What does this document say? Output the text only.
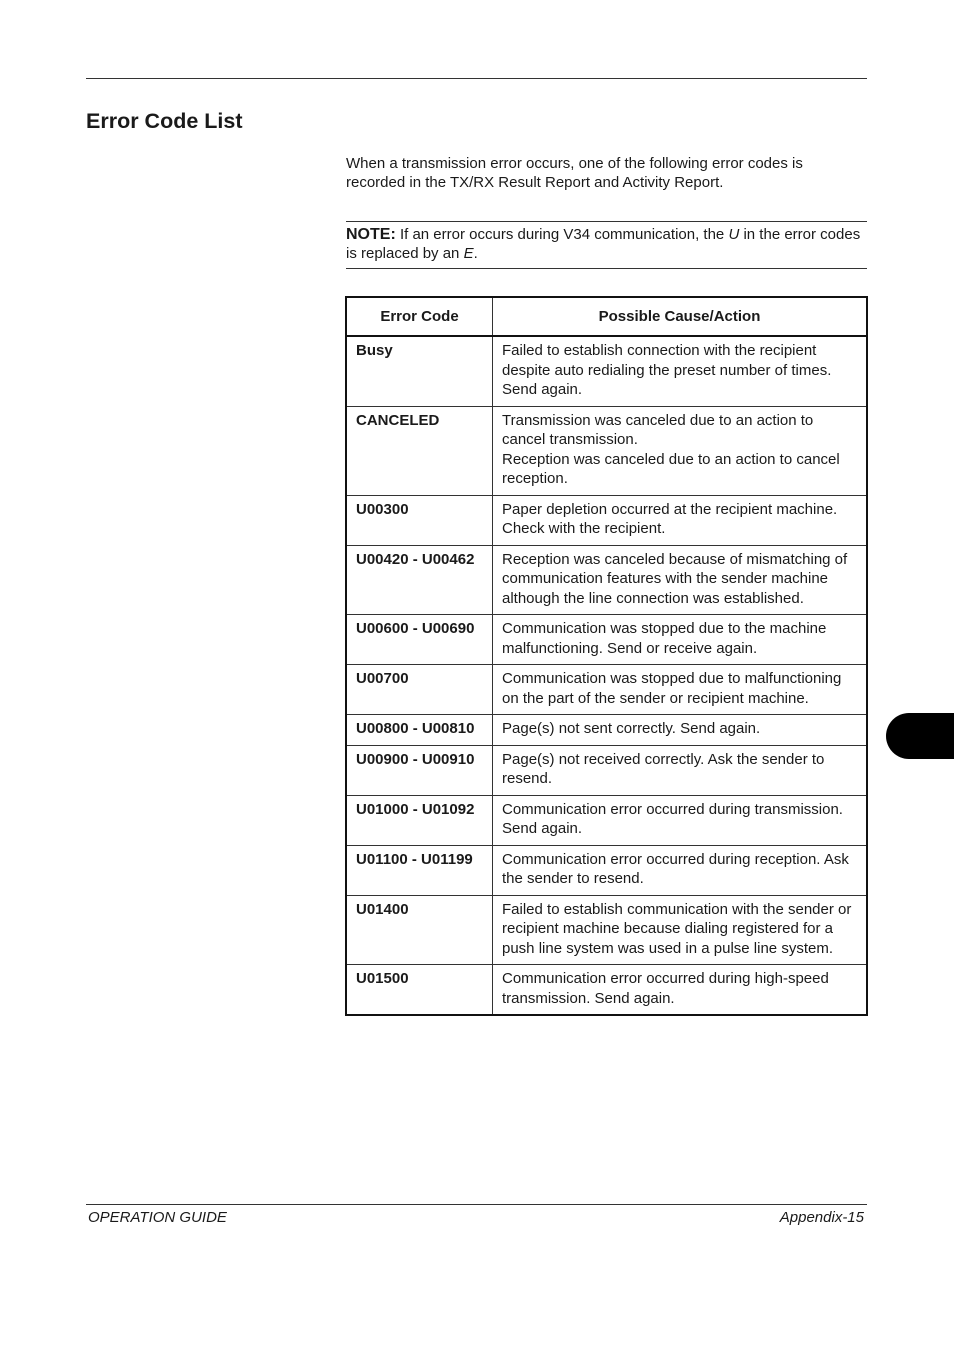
Error Code List

When a transmission error occurs, one of the following error codes is recorded in the TX/RX Result Report and Activity Report.

NOTE: If an error occurs during V34 communication, the U in the error codes is replaced by an E.
Error Code	Possible Cause/Action
Busy	Failed to establish connection with the recipient despite auto redialing the preset number of times. Send again.

CANCELED	Transmission was canceled due to an action to cancel transmission.
Reception was canceled due to an action to cancel reception.

U00300	Paper depletion occurred at the recipient machine. Check with the recipient.

U00420 - U00462	Reception was canceled because of mismatching of communication features with the sender machine although the line connection was established.

U00600 - U00690	Communication was stopped due to the machine malfunctioning. Send or receive again.

U00700	Communication was stopped due to malfunctioning on the part of the sender or recipient machine.

U00800 - U00810	Page(s) not sent correctly. Send again.

U00900 - U00910	Page(s) not received correctly. Ask the sender to resend.

U01000 - U01092	Communication error occurred during transmission. Send again.

U01100 - U01199	Communication error occurred during reception. Ask the sender to resend.

U01400	Failed to establish communication with the sender or recipient machine because dialing registered for a push line system was used in a pulse line system.

U01500	Communication error occurred during high-speed transmission. Send again.
OPERATION GUIDE	Appendix-15
